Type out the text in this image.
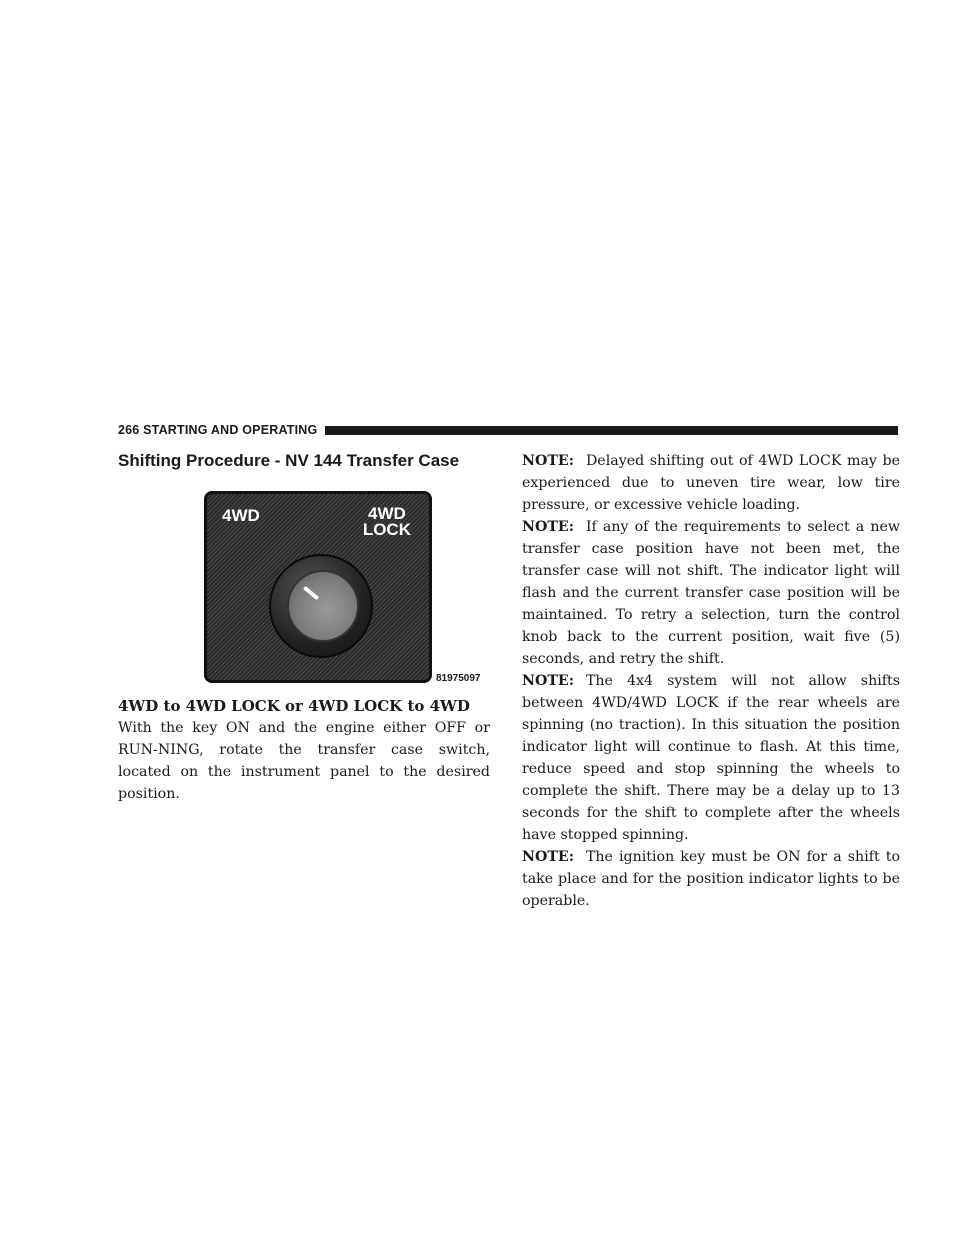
266 STARTING AND OPERATING
Shifting Procedure - NV 144 Transfer Case
4WD	4WD
LOCK
81975097
4WD to 4WD LOCK or 4WD LOCK to 4WD

With the key ON and the engine either OFF or RUN-NING, rotate the transfer case switch, located on the instrument panel to the desired position.

NOTE: Delayed shifting out of 4WD LOCK may be experienced due to uneven tire wear, low tire pressure, or excessive vehicle loading.

NOTE: If any of the requirements to select a new transfer case position have not been met, the transfer case will not shift. The indicator light will flash and the current transfer case position will be maintained. To retry a selection, turn the control knob back to the current position, wait five (5) seconds, and retry the shift.

NOTE: The 4x4 system will not allow shifts between 4WD/4WD LOCK if the rear wheels are spinning (no traction). In this situation the position indicator light will continue to flash. At this time, reduce speed and stop spinning the wheels to complete the shift. There may be a delay up to 13 seconds for the shift to complete after the wheels have stopped spinning.

NOTE: The ignition key must be ON for a shift to take place and for the position indicator lights to be operable.
